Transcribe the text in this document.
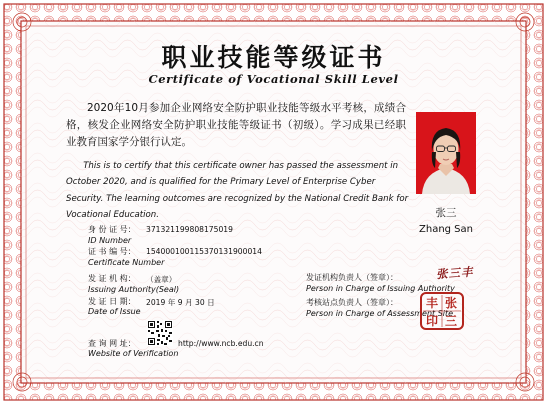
职业技能等级证书
Certificate of Vocational Skill Level
2020年10月参加企业网络安全防护职业技能等级水平考核，成绩合格，核发企业网络安全防护职业技能等级证书（初级）。学习成果已经职业教育国家学分银行认定。
This is to certify that this certificate owner has passed the assessment in October 2020, and is qualified for the Primary Level of Enterprise Cyber Security. The learning outcomes are recognized by the National Credit Bank for Vocational Education.	张三
Zhang San
身 份 证 号： 371321199808175019
ID Number
证 书 编 号： 15400010011537013190​0014
Certificate Number
发 证 机 构： （盖章）
Issuing Authority(Seal)
发 证 日 期： 2019 年 9 月 30 日
Date of Issue
查 询 网 址：	http://www.ncb.edu.cn
Website of Verification
发证机构负责人（签章）：
Person in Charge of Issuing Authority
张三丰
考核站点负责人（签章）：
Person in Charge of Assessment Site
张
丰
三
印
